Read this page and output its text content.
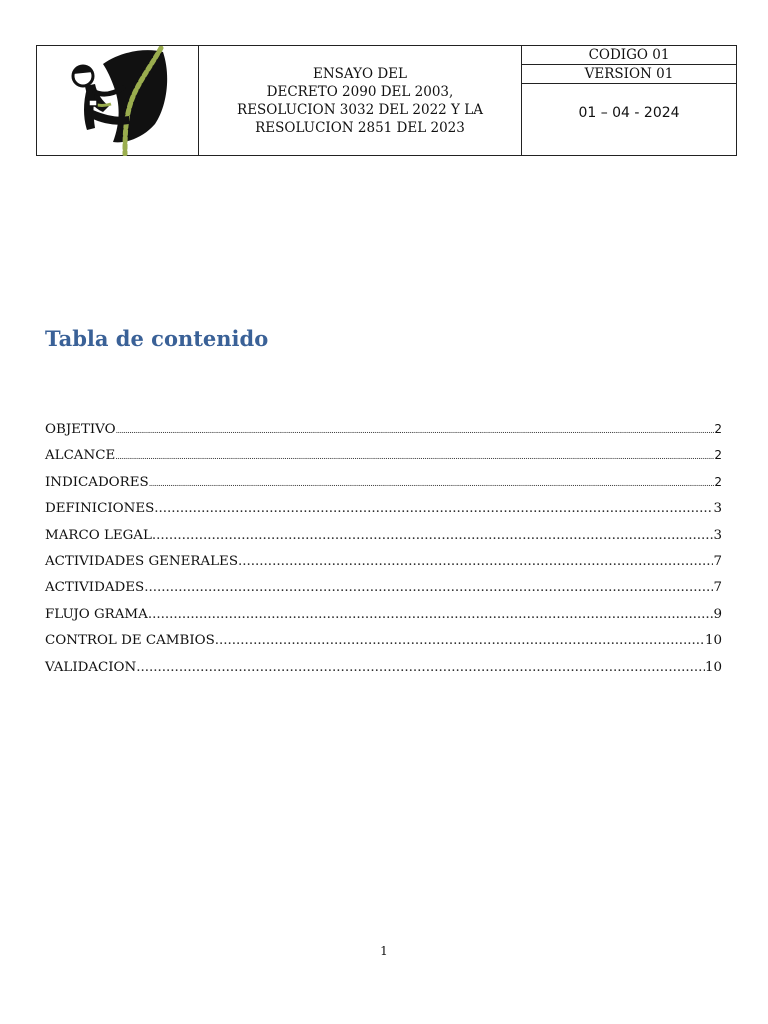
ENSAYO DEL
DECRETO 2090 DEL 2003,
RESOLUCION 3032 DEL 2022 Y LA
RESOLUCION 2851 DEL 2023
CODIGO 01
VERSION 01
01 – 04 - 2024
Tabla de contenido
OBJETIVO .....	2
ALCANCE .....	2
INDICADORES .....	2
DEFINICIONES .....	3
MARCO LEGAL .....	3
ACTIVIDADES GENERALES .....	7
ACTIVIDADES .....	7
FLUJO GRAMA .....	9
CONTROL DE CAMBIOS .....	10
VALIDACION .....	10
1
